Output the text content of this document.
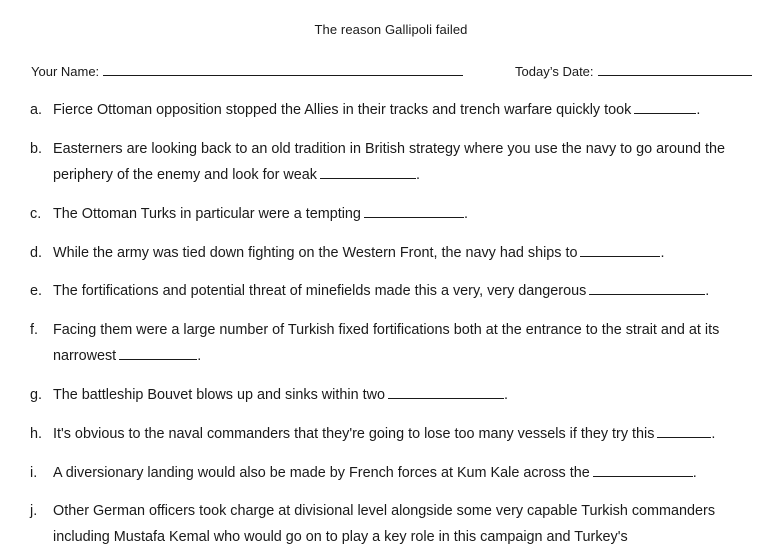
The reason Gallipoli failed
Your Name:	Today’s Date:
a. Fierce Ottoman opposition stopped the Allies in their tracks and trench warfare quickly took	.
b. Easterners are looking back to an old tradition in British strategy where you use the navy to go around the periphery of the enemy and look for weak	.
c. The Ottoman Turks in particular were a tempting	.
d. While the army was tied down fighting on the Western Front, the navy had ships to	.
e. The fortifications and potential threat of minefields made this a very, very dangerous	.
f.	Facing them were a large number of Turkish fixed fortifications both at the entrance to the strait and at its narrowest	.
g. The battleship Bouvet blows up and sinks within two	.
h. It's obvious to the naval commanders that they're going to lose too many vessels if they try this	.
i.	A diversionary landing would also be made by French forces at Kum Kale across the	.
j.	Other German officers took charge at divisional level alongside some very capable Turkish commanders including Mustafa Kemal who would go on to play a key role in this campaign and Turkey's
